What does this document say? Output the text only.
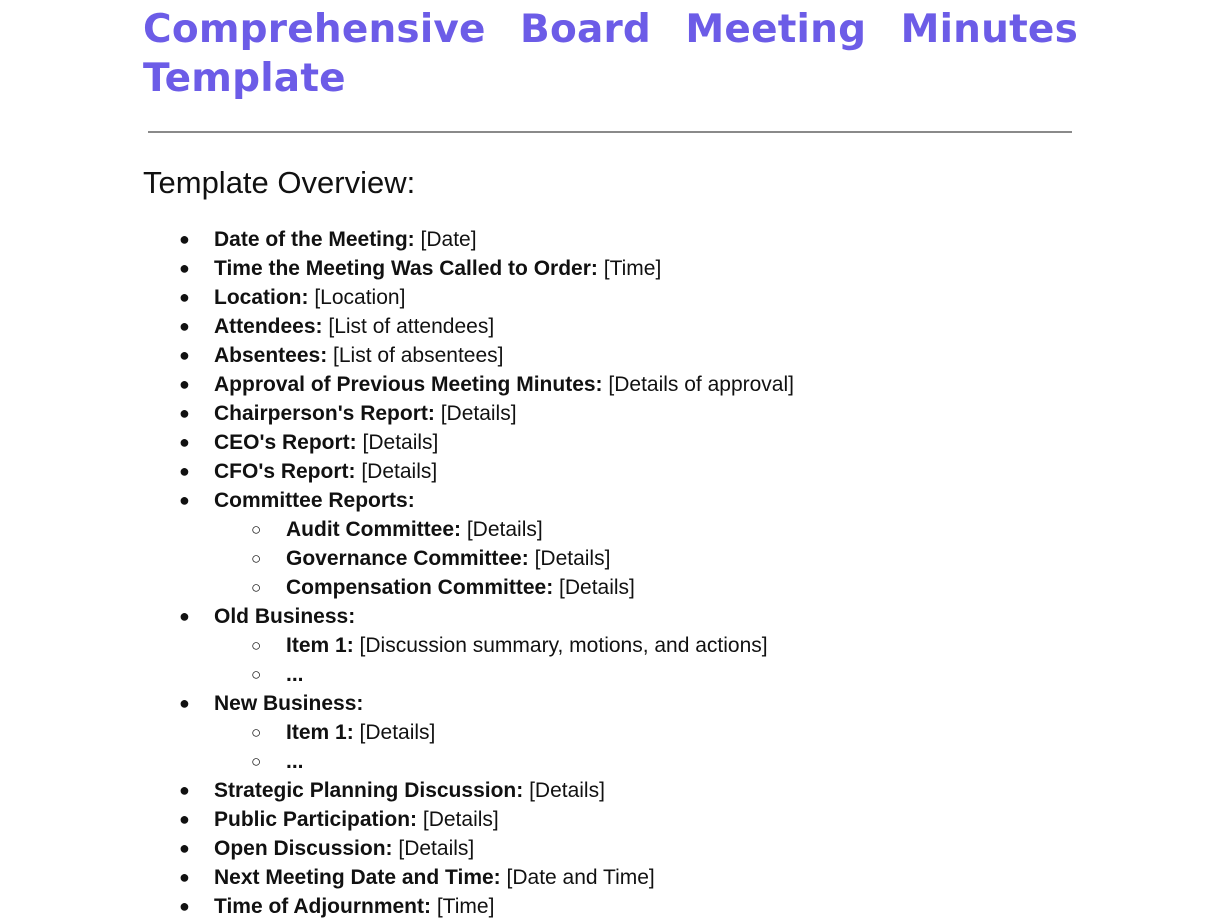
Comprehensive Board Meeting Minutes Template
Template Overview:
● Date of the Meeting: [Date]
● Time the Meeting Was Called to Order: [Time]
● Location: [Location]
● Attendees: [List of attendees]
● Absentees: [List of absentees]
● Approval of Previous Meeting Minutes: [Details of approval]
● Chairperson's Report: [Details]
● CEO's Report: [Details]
● CFO's Report: [Details]
● Committee Reports:
○ Audit Committee: [Details]
○ Governance Committee: [Details]
○ Compensation Committee: [Details]
● Old Business:
○ Item 1: [Discussion summary, motions, and actions]
○ ...
● New Business:
○ Item 1: [Details]
○ ...
● Strategic Planning Discussion: [Details]
● Public Participation: [Details]
● Open Discussion: [Details]
● Next Meeting Date and Time: [Date and Time]
● Time of Adjournment: [Time]
